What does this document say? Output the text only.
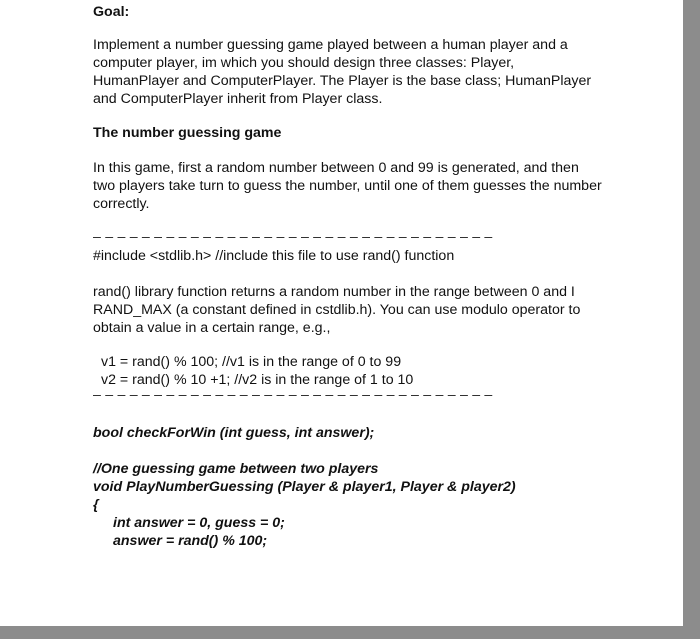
Goal:

Implement a number guessing game played between a human player and a

computer player, im which you should design three classes: Player,

HumanPlayer and ComputerPlayer. The Player is the base class; HumanPlayer

and ComputerPlayer inherit from Player class.

The number guessing game

In this game, first a random number between 0 and 99 is generated, and then

two players take turn to guess the number, until one of them guesses the number

correctly.

– – – – – – – – – – – – – – – – – – – – – – – – – – – – – – – – –

#include <stdlib.h> //include this file to use rand() function

rand() library function returns a random number in the range between 0 and I

RAND_MAX (a constant defined in cstdlib.h). You can use modulo operator to

obtain a value in a certain range, e.g.,

v1 = rand() % 100; //v1 is in the range of 0 to 99

v2 = rand() % 10 +1; //v2 is in the range of 1 to 10

– – – – – – – – – – – – – – – – – – – – – – – – – – – – – – – – –

bool checkForWin (int guess, int answer);

//One guessing game between two players

void PlayNumberGuessing (Player & player1, Player & player2)

{

int answer = 0, guess = 0;

answer = rand() % 100;
